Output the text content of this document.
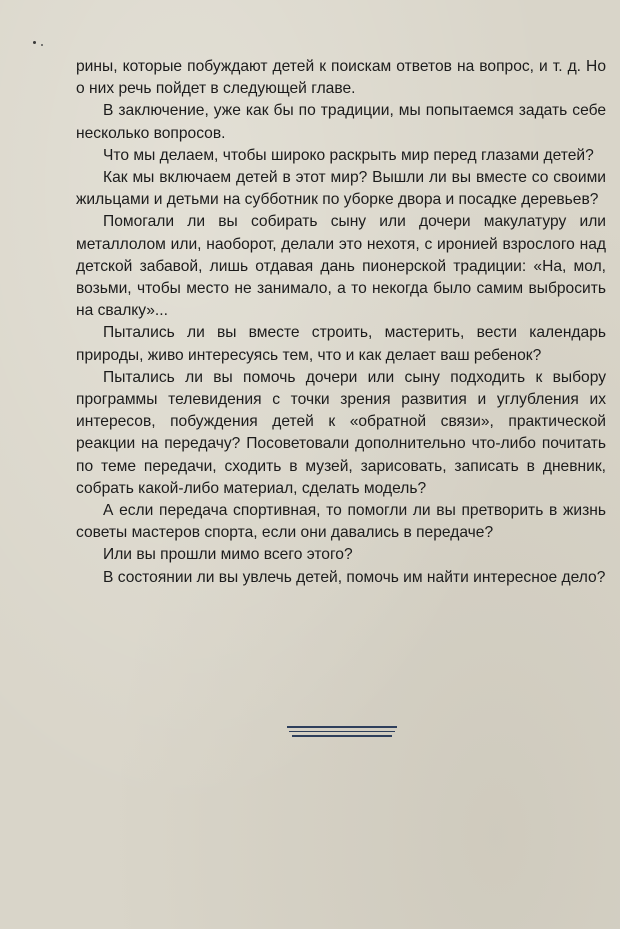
рины, которые побуждают детей к поискам ответов на вопрос, и т. д. Но о них речь пойдет в следующей главе.

В заключение, уже как бы по традиции, мы попытаемся задать себе несколько вопросов.

Что мы делаем, чтобы широко раскрыть мир перед глазами детей?

Как мы включаем детей в этот мир? Вышли ли вы вместе со своими жильцами и детьми на субботник по уборке двора и посадке деревьев?

Помогали ли вы собирать сыну или дочери макулатуру или металлолом или, наоборот, делали это нехотя, с иронией взрослого над детской забавой, лишь отдавая дань пионерской традиции: «На, мол, возьми, чтобы место не занимало, а то некогда было самим выбросить на свалку»...

Пытались ли вы вместе строить, мастерить, вести календарь природы, живо интересуясь тем, что и как делает ваш ребенок?

Пытались ли вы помочь дочери или сыну подходить к выбору программы телевидения с точки зрения развития и углубления их интересов, побуждения детей к «обратной связи», практической реакции на передачу? Посоветовали дополнительно что-либо почитать по теме передачи, сходить в музей, зарисовать, записать в дневник, собрать какой-либо материал, сделать модель?

А если передача спортивная, то помогли ли вы претворить в жизнь советы мастеров спорта, если они давались в передаче?

Или вы прошли мимо всего этого?

В состоянии ли вы увлечь детей, помочь им найти интересное дело?
